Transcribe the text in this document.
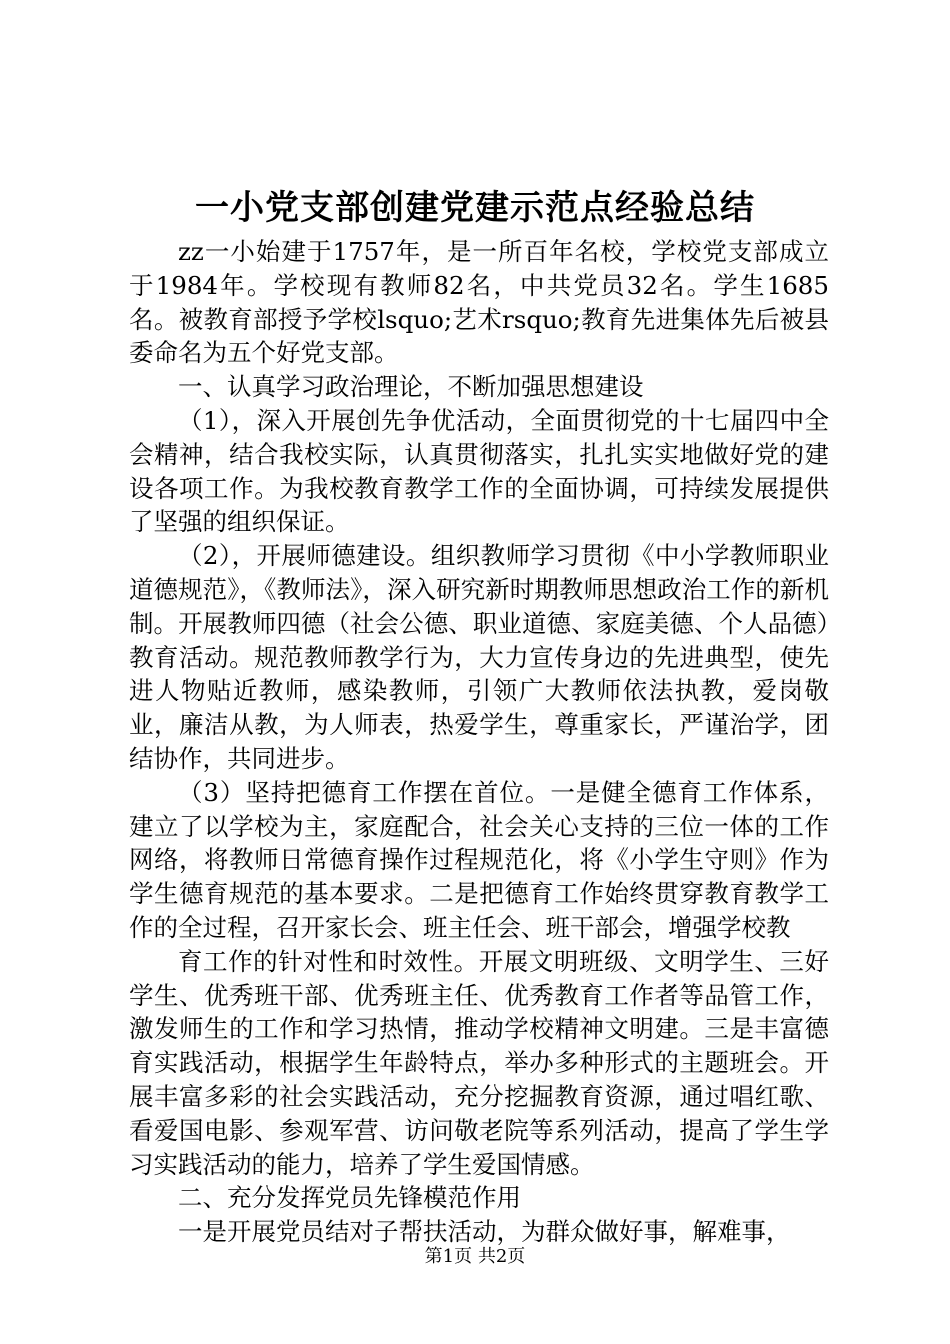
一小党支部创建党建示范点经验总结

zz一小始建于1757年，是一所百年名校，学校党支部成立于1984年。学校现有教师82名，中共党员32名。学生1685名。被教育部授予学校lsquo;艺术rsquo;教育先进集体先后被县委命名为五个好党支部。

一、认真学习政治理论，不断加强思想建设

（1），深入开展创先争优活动，全面贯彻党的十七届四中全会精神，结合我校实际，认真贯彻落实，扎扎实实地做好党的建设各项工作。为我校教育教学工作的全面协调，可持续发展提供了坚强的组织保证。

（2），开展师德建设。组织教师学习贯彻《中小学教师职业道德规范》，《教师法》，深入研究新时期教师思想政治工作的新机制。开展教师四德（社会公德、职业道德、家庭美德、个人品德）教育活动。规范教师教学行为，大力宣传身边的先进典型，使先进人物贴近教师，感染教师，引领广大教师依法执教，爱岗敬业，廉洁从教，为人师表，热爱学生，尊重家长，严谨治学，团结协作，共同进步。

（3）坚持把德育工作摆在首位。一是健全德育工作体系，建立了以学校为主，家庭配合，社会关心支持的三位一体的工作网络，将教师日常德育操作过程规范化，将《小学生守则》作为学生德育规范的基本要求。二是把德育工作始终贯穿教育教学工作的全过程，召开家长会、班主任会、班干部会，增强学校教

育工作的针对性和时效性。开展文明班级、文明学生、三好学生、优秀班干部、优秀班主任、优秀教育工作者等品管工作，激发师生的工作和学习热情，推动学校精神文明建。三是丰富德育实践活动，根据学生年龄特点，举办多种形式的主题班会。开展丰富多彩的社会实践活动，充分挖掘教育资源，通过唱红歌、看爱国电影、参观军营、访问敬老院等系列活动，提高了学生学习实践活动的能力，培养了学生爱国情感。

二、充分发挥党员先锋模范作用

一是开展党员结对子帮扶活动，为群众做好事，解难事，

第1页 共2页
